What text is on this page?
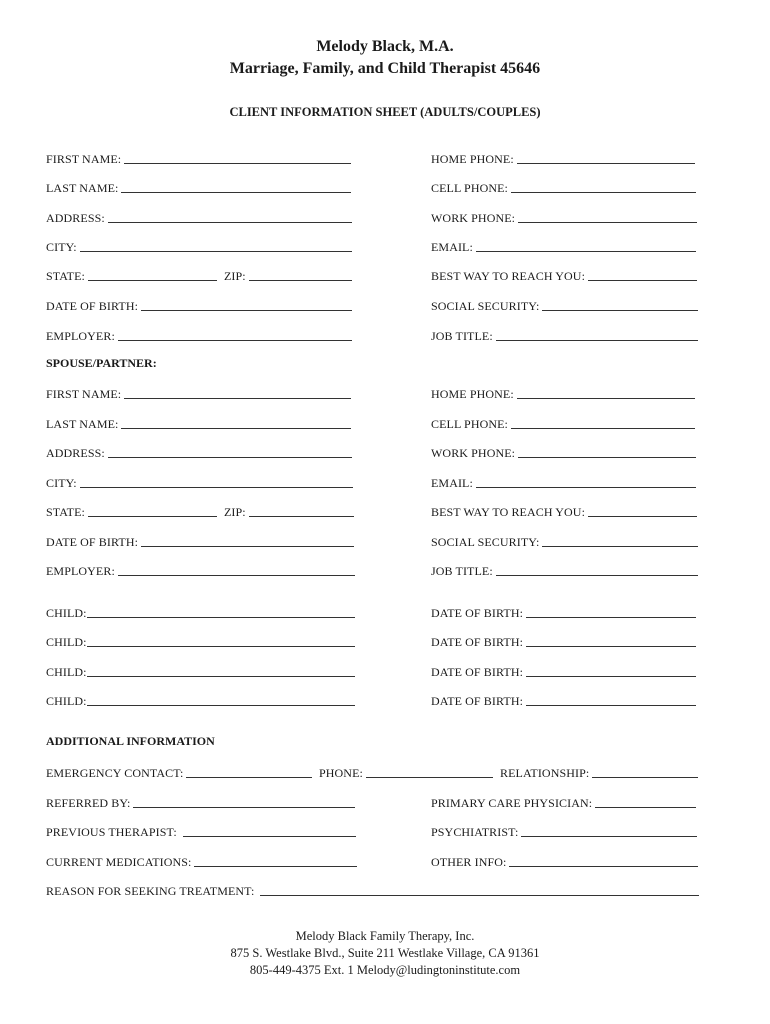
Melody Black, M.A.
Marriage, Family, and Child Therapist 45646
CLIENT INFORMATION SHEET (ADULTS/COUPLES)
FIRST NAME:	HOME PHONE:
LAST NAME:	CELL PHONE:
ADDRESS:	WORK PHONE:
CITY:	EMAIL:
STATE:	ZIP:	BEST WAY TO REACH YOU:
DATE OF BIRTH:	SOCIAL SECURITY:
EMPLOYER:	JOB TITLE:
SPOUSE/PARTNER:
FIRST NAME:	HOME PHONE:
LAST NAME:	CELL PHONE:
ADDRESS:	WORK PHONE:
CITY:	EMAIL:
STATE:	ZIP:	BEST WAY TO REACH YOU:
DATE OF BIRTH:	SOCIAL SECURITY:
EMPLOYER:	JOB TITLE:
CHILD:	DATE OF BIRTH:
CHILD:	DATE OF BIRTH:
CHILD:	DATE OF BIRTH:
CHILD:	DATE OF BIRTH:
ADDITIONAL INFORMATION
EMERGENCY CONTACT:	PHONE:	RELATIONSHIP:
REFERRED BY:	PRIMARY CARE PHYSICIAN:
PREVIOUS THERAPIST:	PSYCHIATRIST:
CURRENT MEDICATIONS:	OTHER INFO:
REASON FOR SEEKING TREATMENT:
Melody Black Family Therapy, Inc.
875 S. Westlake Blvd., Suite 211 Westlake Village, CA 91361
805-449-4375 Ext. 1 Melody@ludingtoninstitute.com
